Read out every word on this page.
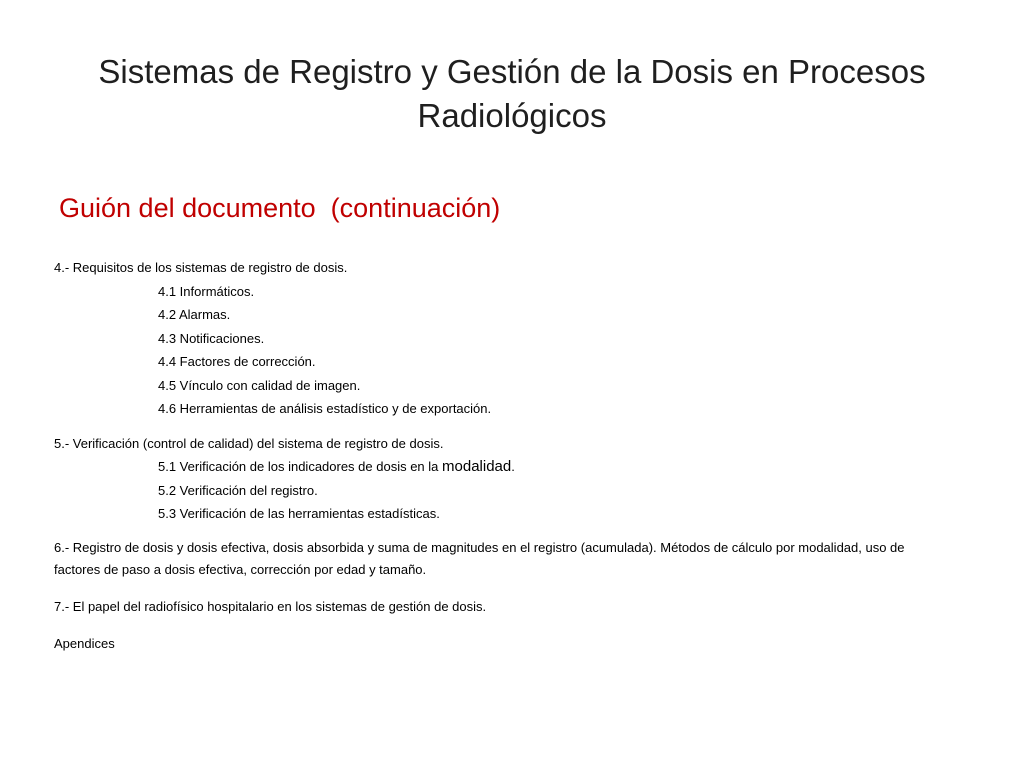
Sistemas de Registro y Gestión de la Dosis en Procesos Radiológicos
Guión del documento  (continuación)
4.- Requisitos de los sistemas de registro de dosis.
4.1 Informáticos.
4.2 Alarmas.
4.3 Notificaciones.
4.4 Factores de corrección.
4.5 Vínculo con calidad de imagen.
4.6 Herramientas de análisis estadístico y de exportación.
5.- Verificación (control de calidad) del sistema de registro de dosis.
5.1 Verificación de los indicadores de dosis en la modalidad.
5.2 Verificación del registro.
5.3 Verificación de las herramientas estadísticas.
6.- Registro de dosis y dosis efectiva, dosis absorbida y suma de magnitudes en el registro (acumulada). Métodos de cálculo por modalidad, uso de factores de paso a dosis efectiva, corrección por edad y tamaño.
7.- El papel del radiofísico hospitalario en los sistemas de gestión de dosis.
Apendices
